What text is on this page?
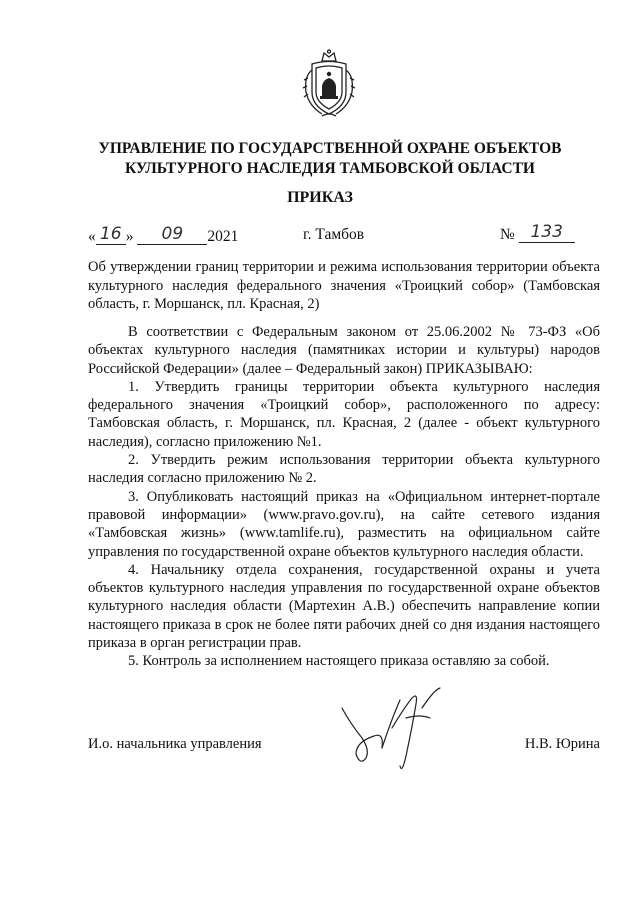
УПРАВЛЕНИЕ ПО ГОСУДАРСТВЕННОЙ ОХРАНЕ ОБЪЕКТОВ
КУЛЬТУРНОГО НАСЛЕДИЯ ТАМБОВСКОЙ ОБЛАСТИ
ПРИКАЗ
« 16 » 09 2021	г. Тамбов	№ 133
Об утверждении границ территории и режима использования территории объекта культурного наследия федерального значения «Троицкий собор» (Тамбовская область, г. Моршанск, пл. Красная, 2)

В соответствии с Федеральным законом от 25.06.2002 № 73-ФЗ «Об объектах культурного наследия (памятниках истории и культуры) народов Российской Федерации» (далее – Федеральный закон) ПРИКАЗЫВАЮ:

1. Утвердить границы территории объекта культурного наследия федерального значения «Троицкий собор», расположенного по адресу: Тамбовская область, г. Моршанск, пл. Красная, 2 (далее - объект культурного наследия), согласно приложению №1.

2. Утвердить режим использования территории объекта культурного наследия согласно приложению № 2.

3. Опубликовать настоящий приказ на «Официальном интернет-портале правовой информации» (www.pravo.gov.ru), на сайте сетевого издания «Тамбовская жизнь» (www.tamlife.ru), разместить на официальном сайте управления по государственной охране объектов культурного наследия области.

4. Начальнику отдела сохранения, государственной охраны и учета объектов культурного наследия управления по государственной охране объектов культурного наследия области (Мартехин А.В.) обеспечить направление копии настоящего приказа в срок не более пяти рабочих дней со дня издания настоящего приказа в орган регистрации прав.

5. Контроль за исполнением настоящего приказа оставляю за собой.

И.о. начальника управления	Н.В. Юрина
